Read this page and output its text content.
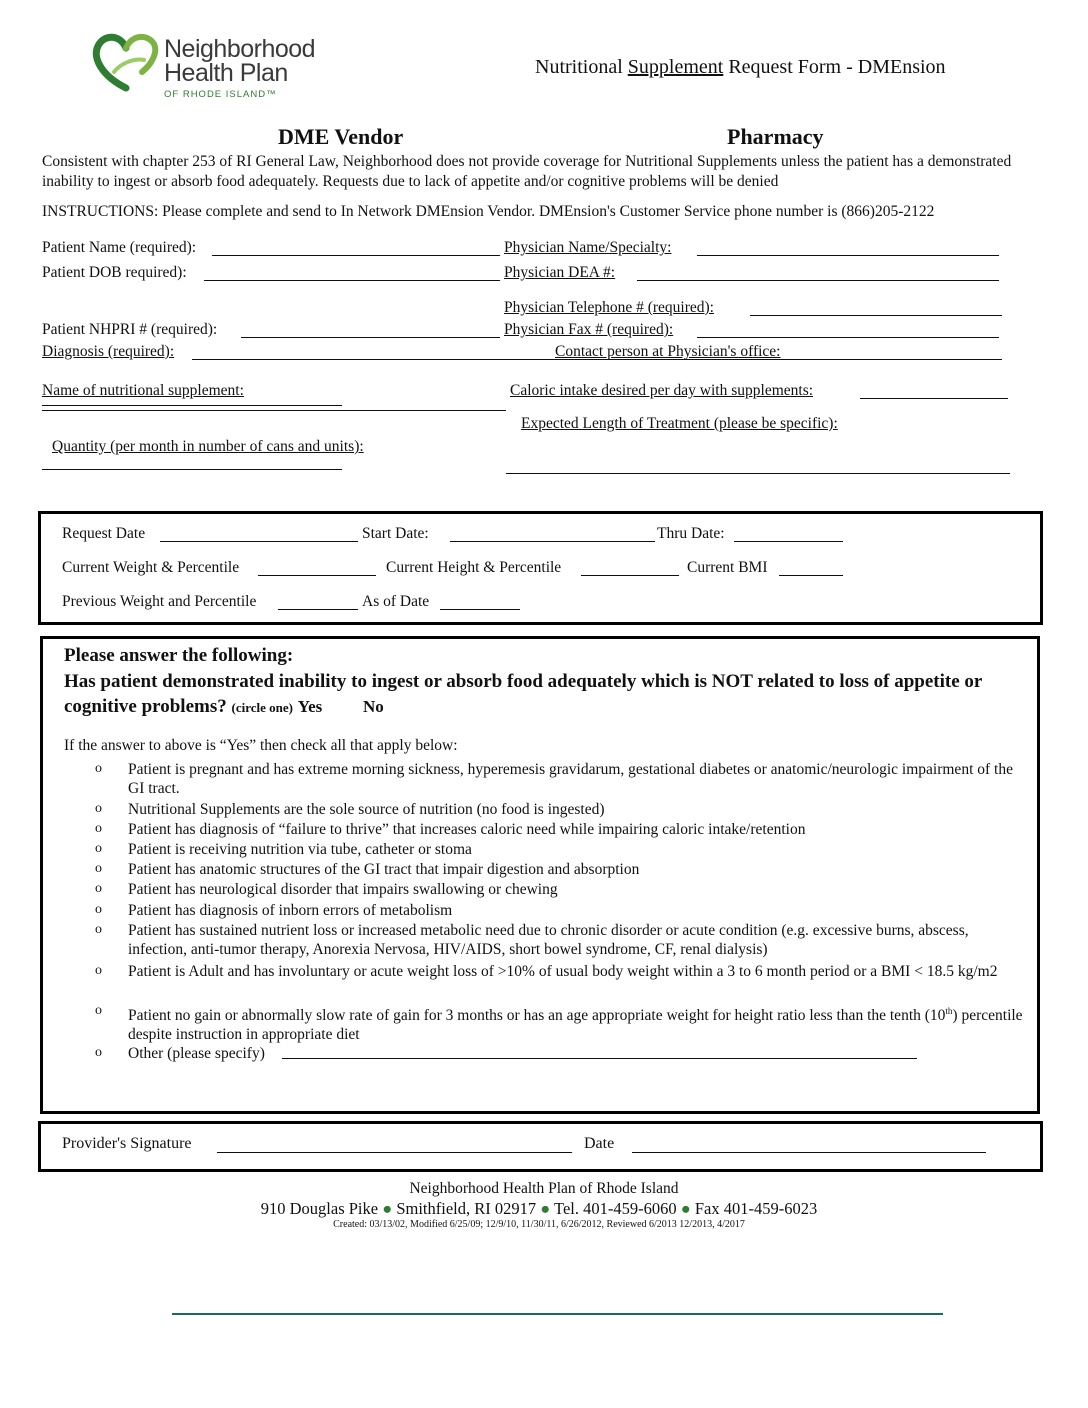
Neighborhood
Health Plan
OF RHODE ISLAND™
Nutritional Supplement Request Form - DMEnsion
DME Vendor	Pharmacy
Consistent with chapter 253 of RI General Law, Neighborhood does not provide coverage for Nutritional Supplements unless the patient has a demonstrated inability to ingest or absorb food adequately. Requests due to lack of appetite and/or cognitive problems will be denied
INSTRUCTIONS: Please complete and send to In Network DMEnsion Vendor. DMEnsion's Customer Service phone number is (866)205-2122
Patient Name (required):	Physician Name/Specialty:
Patient DOB required):	Physician DEA #:
Physician Telephone # (required):
Patient NHPRI # (required):	Physician Fax # (required):
Diagnosis (required):	Contact person at Physician's office:
Name of nutritional supplement:	Caloric intake desired per day with supplements:
Expected Length of Treatment (please be specific):
Quantity (per month in number of cans and units):
Request Date	Start Date:	Thru Date:
Current Weight & Percentile	Current Height & Percentile	Current BMI
Previous Weight and Percentile	As of Date
Please answer the following:
Has patient demonstrated inability to ingest or absorb food adequately which is NOT related to loss of appetite or cognitive problems? (circle one) Yes No
If the answer to above is “Yes” then check all that apply below:
o Patient is pregnant and has extreme morning sickness, hyperemesis gravidarum, gestational diabetes or anatomic/neurologic impairment of the GI tract.
o Nutritional Supplements are the sole source of nutrition (no food is ingested)
o Patient has diagnosis of “failure to thrive” that increases caloric need while impairing caloric intake/retention
o Patient is receiving nutrition via tube, catheter or stoma
o Patient has anatomic structures of the GI tract that impair digestion and absorption
o Patient has neurological disorder that impairs swallowing or chewing
o Patient has diagnosis of inborn errors of metabolism
o Patient has sustained nutrient loss or increased metabolic need due to chronic disorder or acute condition (e.g. excessive burns, abscess, infection, anti-tumor therapy, Anorexia Nervosa, HIV/AIDS, short bowel syndrome, CF, renal dialysis)
o Patient is Adult and has involuntary or acute weight loss of >10% of usual body weight within a 3 to 6 month period or a BMI < 18.5 kg/m2
o Patient no gain or abnormally slow rate of gain for 3 months or has an age appropriate weight for height ratio less than the tenth (10th) percentile despite instruction in appropriate diet
o Other (please specify)
Provider's Signature	Date
Neighborhood Health Plan of Rhode Island
910 Douglas Pike ● Smithfield, RI 02917 ● Tel. 401-459-6060 ● Fax 401-459-6023
Created: 03/13/02, Modified 6/25/09; 12/9/10, 11/30/11, 6/26/2012, Reviewed 6/2013 12/2013, 4/2017
